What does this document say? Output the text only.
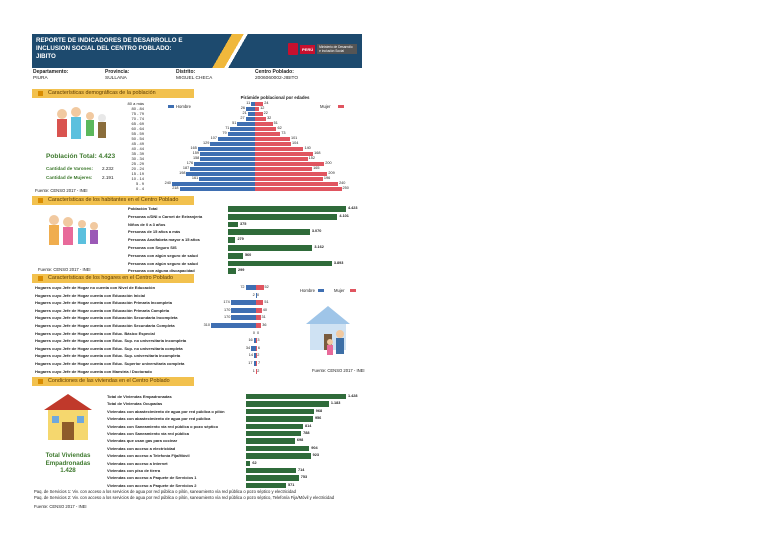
REPORTE DE INDICADORES DE DESARROLLO E
INCLUSION SOCIAL DEL CENTRO POBLADO:
JIBITO
PERÚ	Ministerio de Desarrollo e Inclusión Social
Departamento:
PIURA
Provincia:
SULLANA
Distrito:
MIGUEL CHECA
Centro Poblado:
2006060002-JIBITO
Características demográficas de la población
Población Total: 4.423
Cantidad de Varones: 2.232
Cantidad de Mujeres: 2.191
Fuente: CENSO 2017 - INEI
Pirámide poblacional por edades
Hombre	Mujer
80 a más	11	24
80 - 84	26	12
75 - 79	21	22
70 - 74	27	32
65 - 69	51	51
60 - 64	71	62
55 - 59	79	73
50 - 54	107	101
45 - 49	129	104
40 - 44	165	140
35 - 39	159	168
30 - 34	158	152
25 - 29	176	200
20 - 24	187	165
15 - 19	198	209
10 - 14	161	196
5 - 9	240	240
0 - 4	218	250
Características de los habitantes en el Centro Poblado
Fuente: CENSO 2017 - INEI
Población Total	4.423
Personas c/DNI o Carnet de Extranjería	4.101
Niños de 0 a 3 años	375
Personas de 15 años a más	3.070
Personas Analfabeta mayor a 15 años	279
Personas con Seguro SIS	3.162
Personas con algún seguro de salud	560
Personas con algún seguro de salud	3.893
Personas con alguna discapacidad	299
Características de los hogares en el Centro Poblado
Hombre	Mujer
Hogares cuyo Jefe de Hogar no cuenta con Nivel de Educación	72	52
Hogares cuyo Jefe de Hogar cuenta con Educación Inicial	2 0
Hogares cuyo Jefe de Hogar cuenta con Educación Primaria Incompleta	174	51
Hogares cuyo Jefe de Hogar cuenta con Educación Primaria Completa	170	40
Hogares cuyo Jefe de Hogar cuenta con Educación Secundaria Incompleta	170	31
Hogares cuyo Jefe de Hogar cuenta con Educación Secundaria Completa	310	36
Hogares cuyo Jefe de Hogar cuenta con Educ. Básico Especial	0 0
Hogares cuyo Jefe de Hogar cuenta con Educ. Sup. no universitaria incompleta	16 3
Hogares cuyo Jefe de Hogar cuenta con Educ. Sup. no universitaria completa	34 6
Hogares cuyo Jefe de Hogar cuenta con Educ. Sup. universitaria incompleta	14 2
Hogares cuyo Jefe de Hogar cuenta con Educ. Superior universitaria completa	17 7
Hogares cuyo Jefe de Hogar cuenta con Maestría / Doctorado	1 2	Fuente: CENSO 2017 - INEI
Condiciones de las viviendas en el Centro Poblado
Total Viviendas
Empadronadas
1.428
Total de Viviendas Empadronadas	1.428
Total de Viviendas Ocupadas	1.183
Viviendas con abastecimiento de agua por red pública o pilón	968
Viviendas con abastecimiento de agua por red pública	956
Viviendas con Saneamiento vía red pública o pozo séptico	814
Viviendas con Saneamiento vía red pública	788
Viviendas que usan gas para cocinar	698
Viviendas con acceso a electricidad	904
Viviendas con acceso a Telefonía Fija/Móvil	923
Viviendas con acceso a Internet	62
Viviendas con piso de tierra	714
Viviendas con acceso a Paquete de Servicios 1	753
Viviendas con acceso a Paquete de Servicios 2	571
Paq. de Servicios 1: Viv. con acceso a los servicios de agua por red pública o pilón, saneamiento vía red pública o pozo séptico y electricidad
Paq. de Servicios 2: Viv. con acceso a los servicios de agua por red pública o pilón, saneamiento vía red pública o pozo séptico, Telefonía Fija/Móvil y electricidad
Fuente: CENSO 2017 - INEI
